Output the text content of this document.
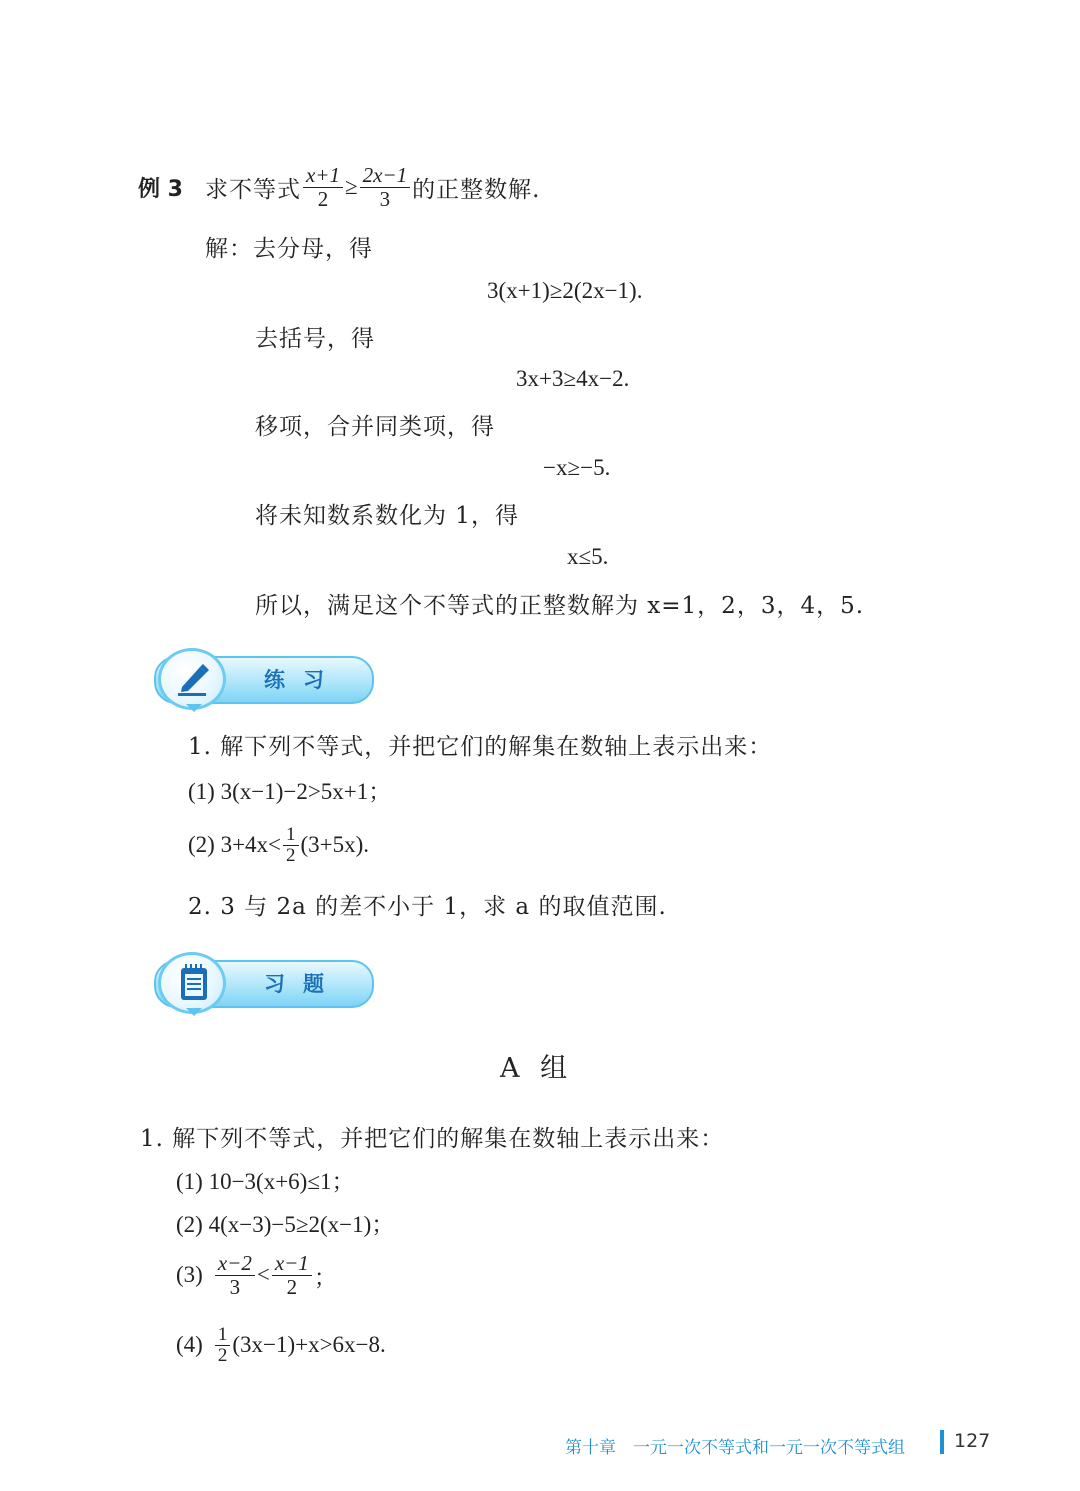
例 3 求不等式 $\frac{x+1}{2} \ge \frac{2x-1}{3}$ 的正整数解.
解：去分母，得
3(x+1)≥2(2x−1).
去括号，得
3x+3≥4x−2.
移项，合并同类项，得
−x≥−5.
将未知数系数化为 1，得
x≤5.
所以，满足这个不等式的正整数解为 x=1，2，3，4，5.
练习
1. 解下列不等式，并把它们的解集在数轴上表示出来：
(1) 3(x−1)−2>5x+1；
(2) $3+4x< \frac{1}{2} (3+5x)$.
2. 3 与 2a 的差不小于 1，求 a 的取值范围.
习题
A 组
1. 解下列不等式，并把它们的解集在数轴上表示出来：
(1) 10−3(x+6)≤1；
(2) 4(x−3)−5≥2(x−1)；
$(3) \frac{x-2}{3} < \frac{x-1}{2}$ ；
$(4) \frac{1}{2} (3x-1)+x>6x-8$.
第十章　一元一次不等式和一元一次不等式组	127
